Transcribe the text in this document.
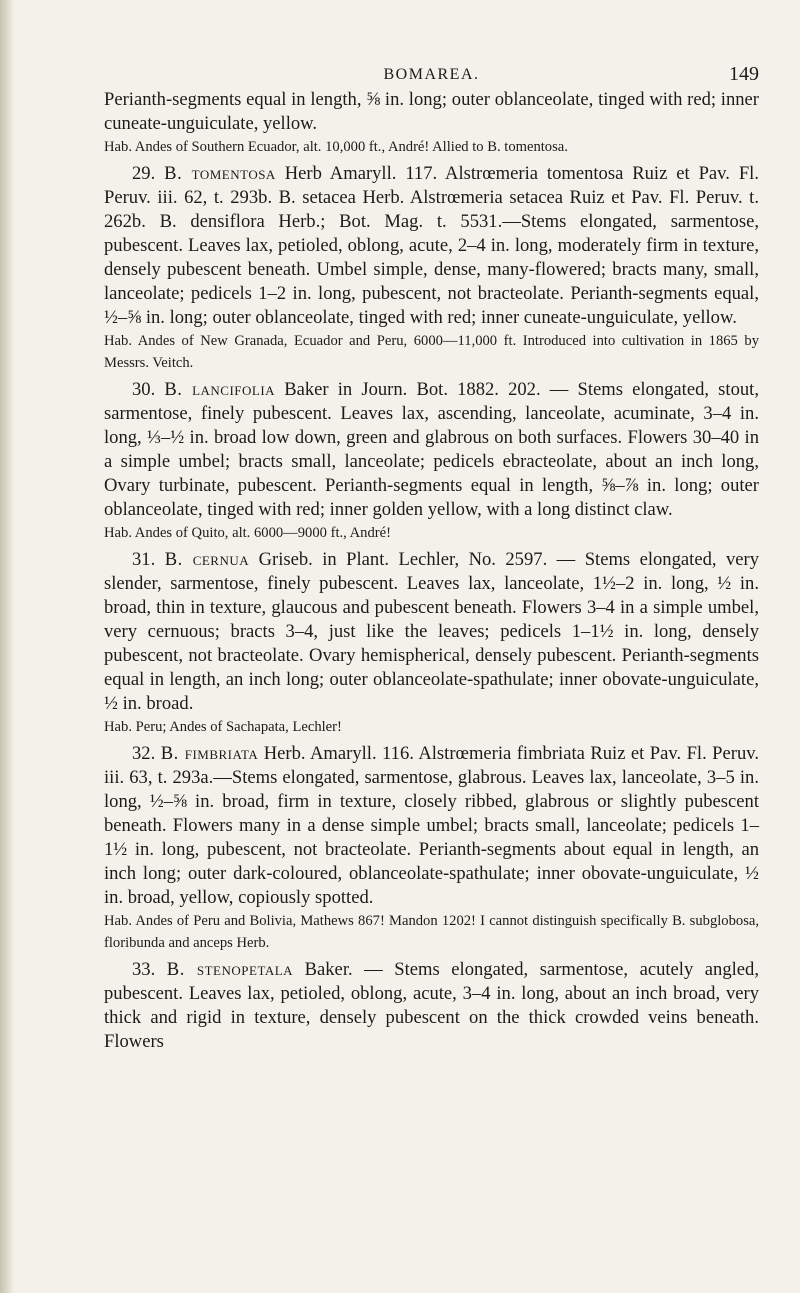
BOMAREA.	149

Perianth-segments equal in length, ⅝ in. long; outer oblanceolate, tinged with red; inner cuneate-unguiculate, yellow.

Hab. Andes of Southern Ecuador, alt. 10,000 ft., André! Allied to B. tomentosa.

29. B. tomentosa Herb Amaryll. 117. Alstrœmeria tomentosa Ruiz et Pav. Fl. Peruv. iii. 62, t. 293b. B. setacea Herb. Alstrœmeria setacea Ruiz et Pav. Fl. Peruv. t. 262b. B. densiflora Herb.; Bot. Mag. t. 5531.—Stems elongated, sarmentose, pubescent. Leaves lax, petioled, oblong, acute, 2–4 in. long, moderately firm in texture, densely pubescent beneath. Umbel simple, dense, many-flowered; bracts many, small, lanceolate; pedicels 1–2 in. long, pubescent, not bracteolate. Perianth-segments equal, ½–⅝ in. long; outer oblanceolate, tinged with red; inner cuneate-unguiculate, yellow.

Hab. Andes of New Granada, Ecuador and Peru, 6000—11,000 ft. Introduced into cultivation in 1865 by Messrs. Veitch.

30. B. lancifolia Baker in Journ. Bot. 1882. 202. — Stems elongated, stout, sarmentose, finely pubescent. Leaves lax, ascending, lanceolate, acuminate, 3–4 in. long, ⅓–½ in. broad low down, green and glabrous on both surfaces. Flowers 30–40 in a simple umbel; bracts small, lanceolate; pedicels ebracteolate, about an inch long, Ovary turbinate, pubescent. Perianth-segments equal in length, ⅝–⅞ in. long; outer oblanceolate, tinged with red; inner golden yellow, with a long distinct claw.

Hab. Andes of Quito, alt. 6000—9000 ft., André!

31. B. cernua Griseb. in Plant. Lechler, No. 2597. — Stems elongated, very slender, sarmentose, finely pubescent. Leaves lax, lanceolate, 1½–2 in. long, ½ in. broad, thin in texture, glaucous and pubescent beneath. Flowers 3–4 in a simple umbel, very cernuous; bracts 3–4, just like the leaves; pedicels 1–1½ in. long, densely pubescent, not bracteolate. Ovary hemispherical, densely pubescent. Perianth-segments equal in length, an inch long; outer oblanceolate-spathulate; inner obovate-unguiculate, ½ in. broad.

Hab. Peru; Andes of Sachapata, Lechler!

32. B. fimbriata Herb. Amaryll. 116. Alstrœmeria fimbriata Ruiz et Pav. Fl. Peruv. iii. 63, t. 293a.—Stems elongated, sarmentose, glabrous. Leaves lax, lanceolate, 3–5 in. long, ½–⅝ in. broad, firm in texture, closely ribbed, glabrous or slightly pubescent beneath. Flowers many in a dense simple umbel; bracts small, lanceolate; pedicels 1–1½ in. long, pubescent, not bracteolate. Perianth-segments about equal in length, an inch long; outer dark-coloured, oblanceolate-spathulate; inner obovate-unguiculate, ½ in. broad, yellow, copiously spotted.

Hab. Andes of Peru and Bolivia, Mathews 867! Mandon 1202! I cannot distinguish specifically B. subglobosa, floribunda and anceps Herb.

33. B. stenopetala Baker. — Stems elongated, sarmentose, acutely angled, pubescent. Leaves lax, petioled, oblong, acute, 3–4 in. long, about an inch broad, very thick and rigid in texture, densely pubescent on the thick crowded veins beneath. Flowers
